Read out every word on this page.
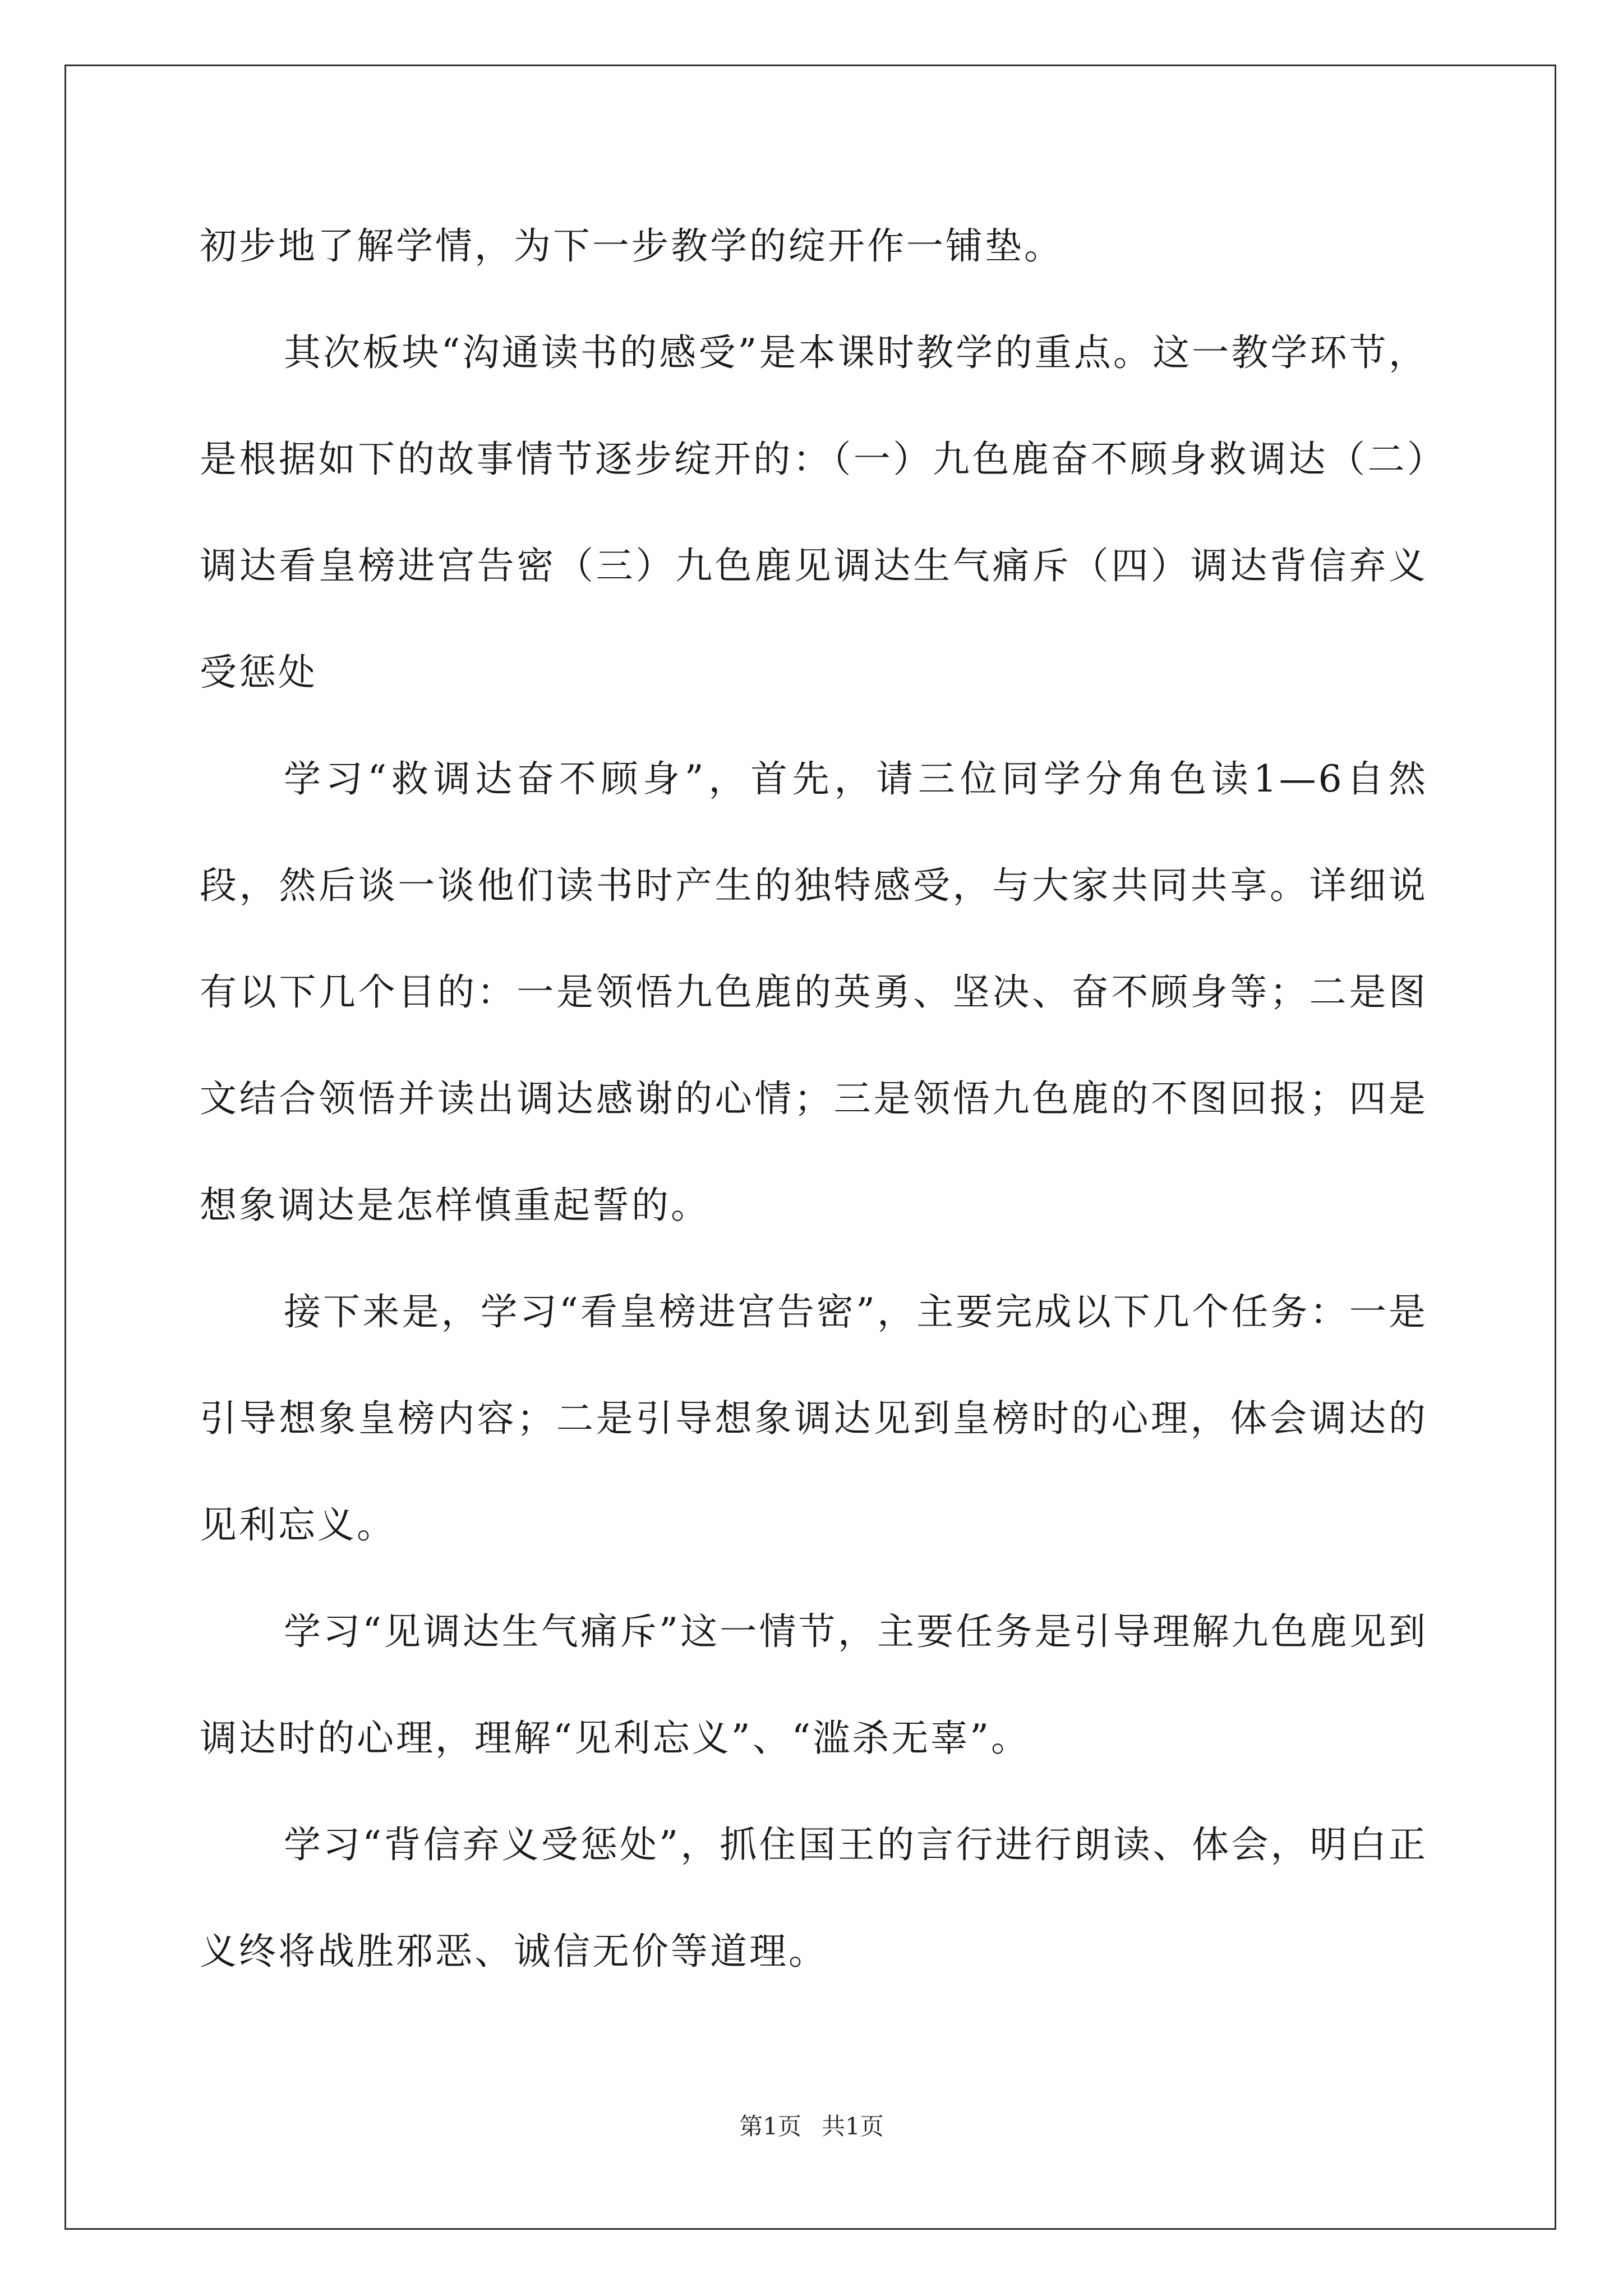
初步地了解学情，为下一步教学的绽开作一铺垫。

其次板块“沟通读书的感受”是本课时教学的重点。这一教学环节，是根据如下的故事情节逐步绽开的：（一）九色鹿奋不顾身救调达（二）调达看皇榜进宫告密（三）九色鹿见调达生气痛斥（四）调达背信弃义受惩处

学习“救调达奋不顾身”，首先，请三位同学分角色读1—6自然段，然后谈一谈他们读书时产生的独特感受，与大家共同共享。详细说有以下几个目的：一是领悟九色鹿的英勇、坚决、奋不顾身等；二是图文结合领悟并读出调达感谢的心情；三是领悟九色鹿的不图回报；四是想象调达是怎样慎重起誓的。

接下来是，学习“看皇榜进宫告密”，主要完成以下几个任务：一是引导想象皇榜内容；二是引导想象调达见到皇榜时的心理，体会调达的见利忘义。

学习“见调达生气痛斥”这一情节，主要任务是引导理解九色鹿见到调达时的心理，理解“见利忘义”、“滥杀无辜”。

学习“背信弃义受惩处”，抓住国王的言行进行朗读、体会，明白正义终将战胜邪恶、诚信无价等道理。

第1页 共1页
